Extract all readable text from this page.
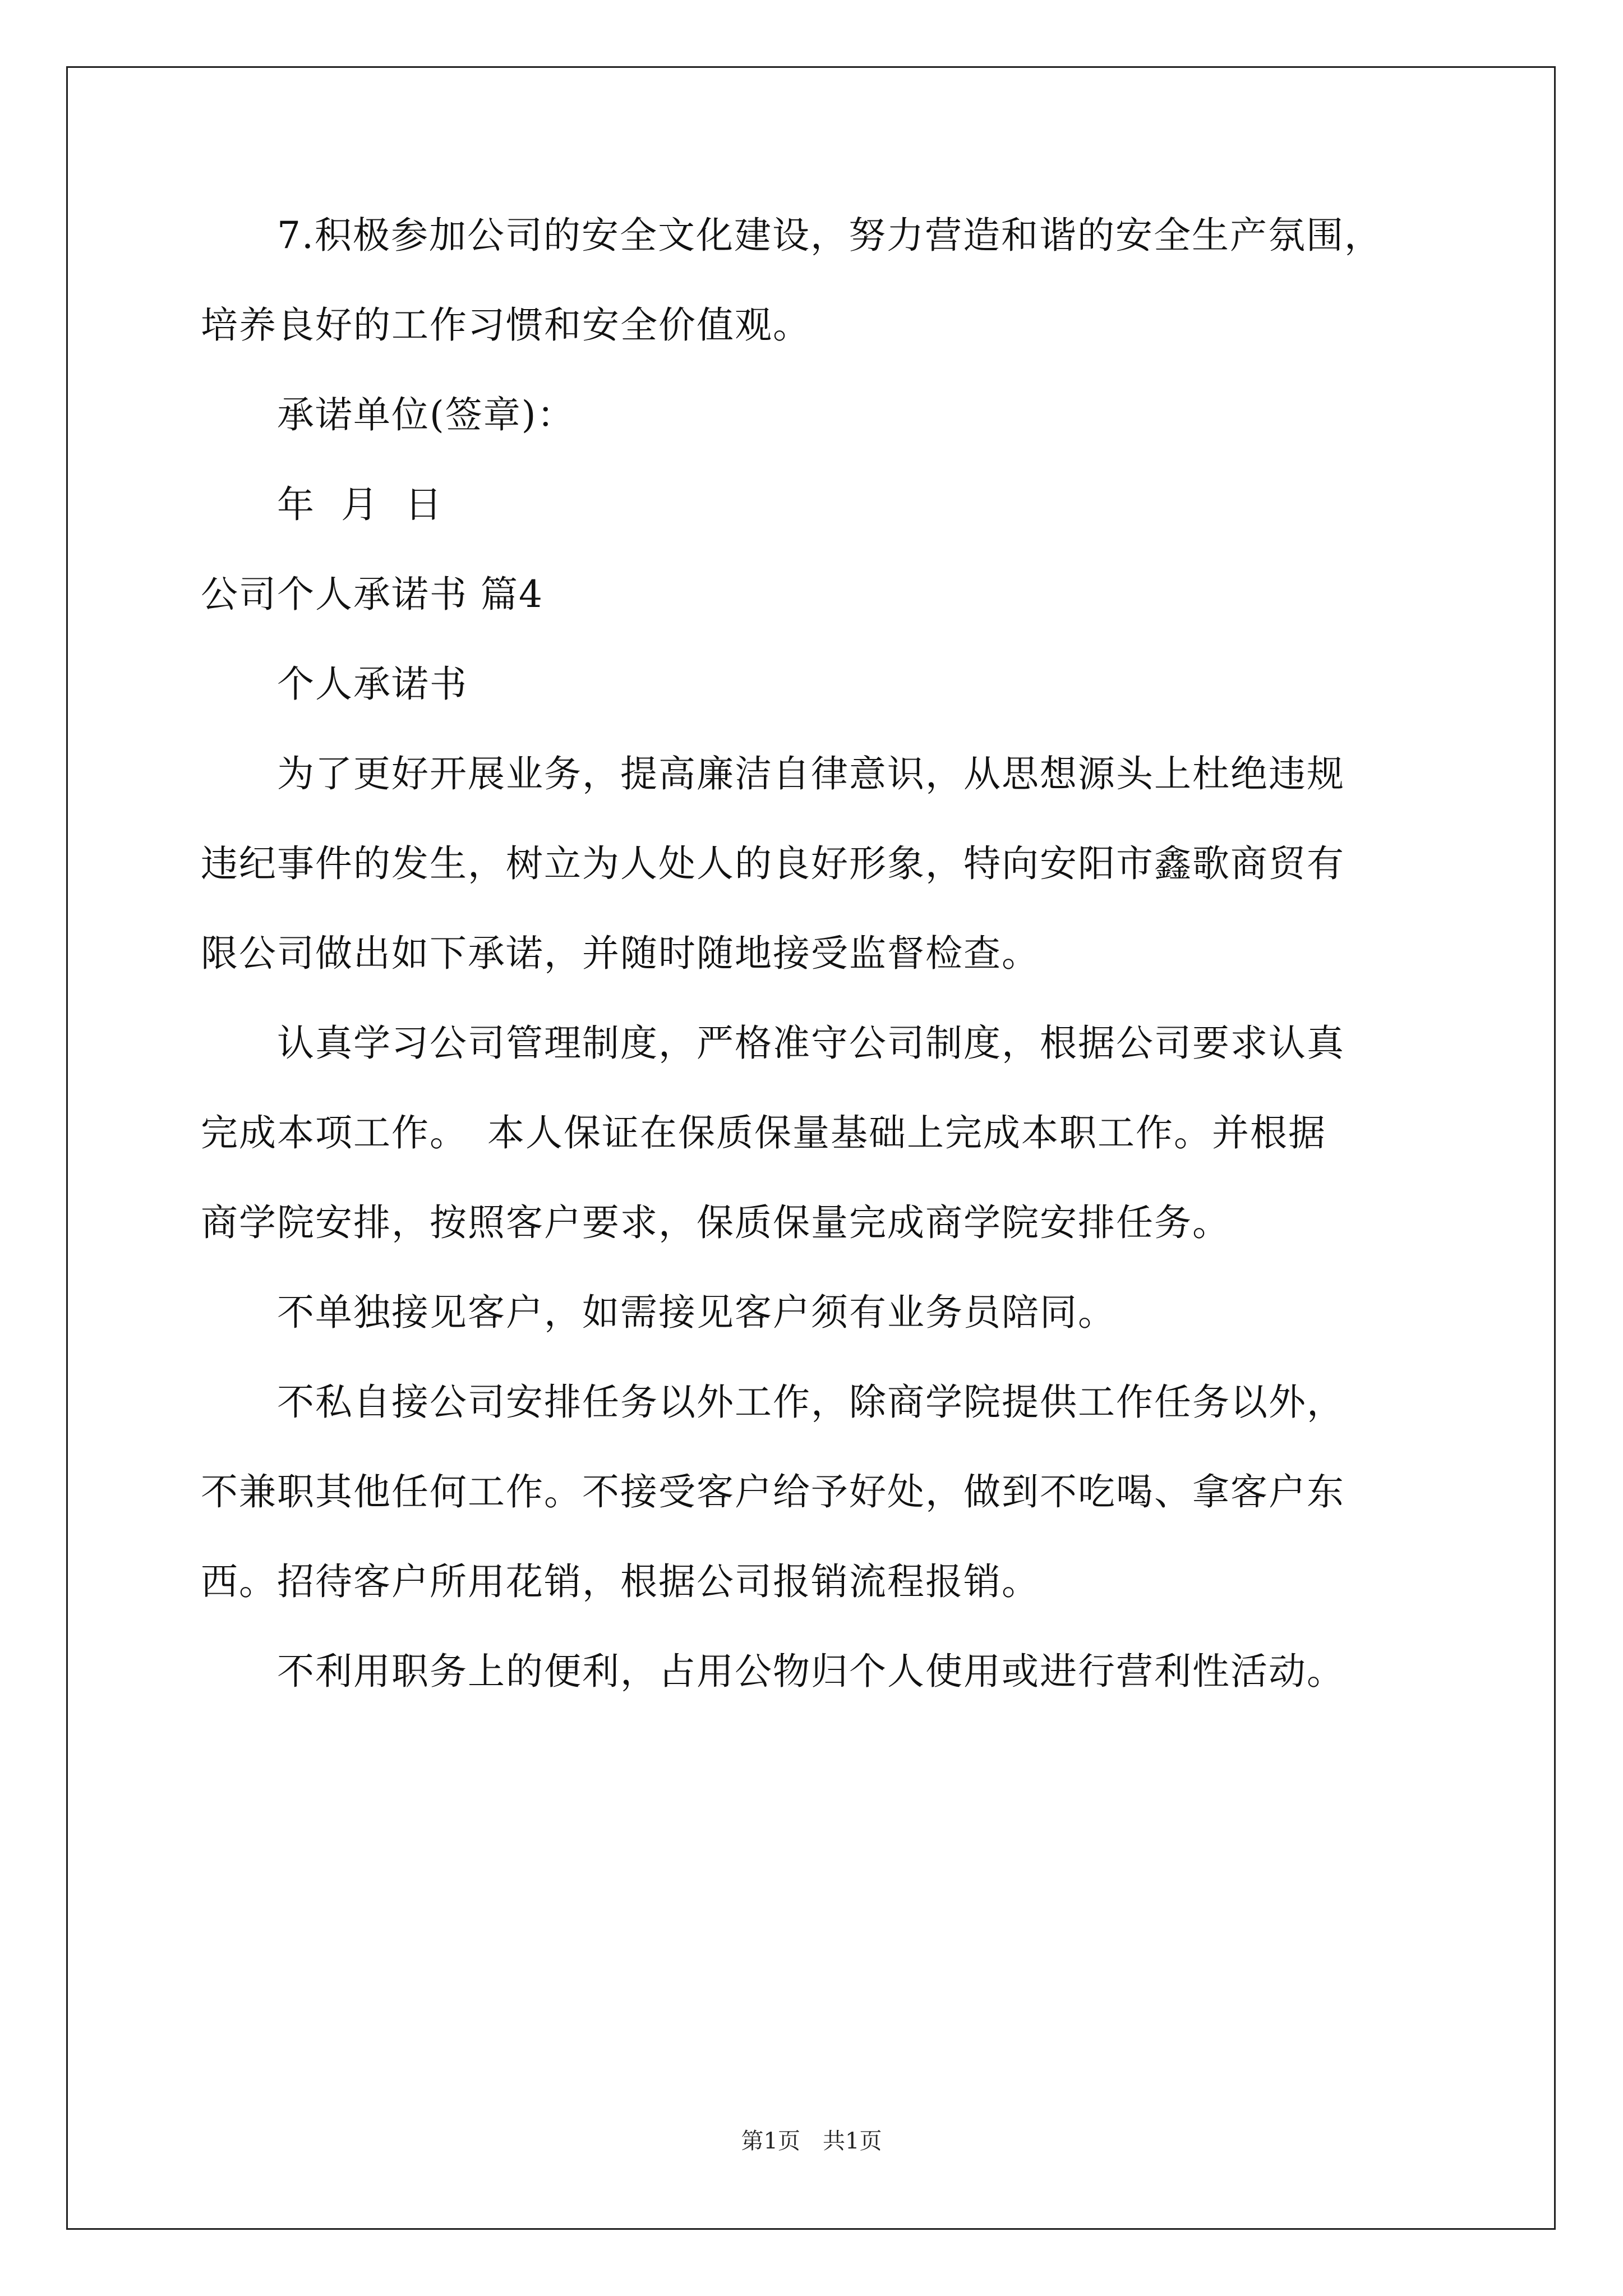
　　7.积极参加公司的安全文化建设，努力营造和谐的安全生产氛围，
培养良好的工作习惯和安全价值观。
　　承诺单位(签章)：
　　年  月  日
公司个人承诺书 篇4
　　个人承诺书
　　为了更好开展业务，提高廉洁自律意识，从思想源头上杜绝违规
违纪事件的发生，树立为人处人的良好形象，特向安阳市鑫歌商贸有
限公司做出如下承诺，并随时随地接受监督检查。
　　认真学习公司管理制度，严格准守公司制度，根据公司要求认真
完成本项工作。　本人保证在保质保量基础上完成本职工作。并根据
商学院安排，按照客户要求，保质保量完成商学院安排任务。
　　不单独接见客户，如需接见客户须有业务员陪同。
　　不私自接公司安排任务以外工作，除商学院提供工作任务以外，
不兼职其他任何工作。不接受客户给予好处，做到不吃喝、拿客户东
西。招待客户所用花销，根据公司报销流程报销。
　　不利用职务上的便利，占用公物归个人使用或进行营利性活动。
第1页　共1页
